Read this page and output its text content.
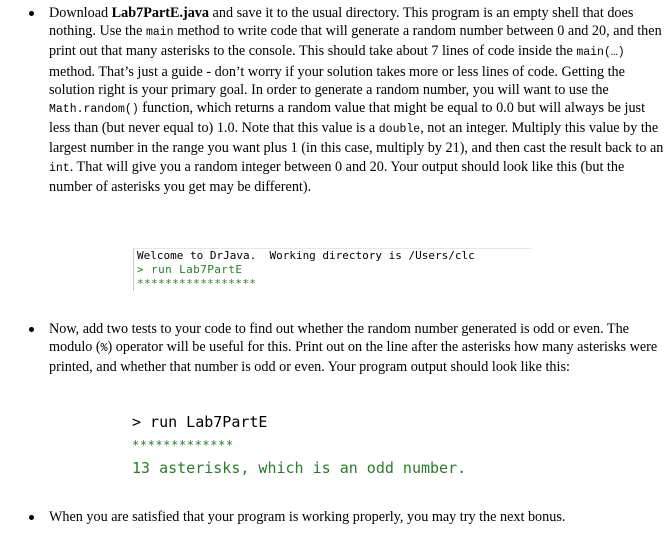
Download Lab7PartE.java and save it to the usual directory. This program is an empty shell that does nothing. Use the main method to write code that will generate a random number between 0 and 20, and then print out that many asterisks to the console. This should take about 7 lines of code inside the main(…) method. That’s just a guide - don’t worry if your solution takes more or less lines of code. Getting the solution right is your primary goal. In order to generate a random number, you will want to use the Math.random() function, which returns a random value that might be equal to 0.0 but will always be just less than (but never equal to) 1.0. Note that this value is a double, not an integer. Multiply this value by the largest number in the range you want plus 1 (in this case, multiply by 21), and then cast the result back to an int. That will give you a random integer between 0 and 20. Your output should look like this (but the number of asterisks you get may be different).
Welcome to DrJava.  Working directory is /Users/clc
> run Lab7PartE
*****************
Now, add two tests to your code to find out whether the random number generated is odd or even. The modulo (%) operator will be useful for this. Print out on the line after the asterisks how many asterisks were printed, and whether that number is odd or even. Your program output should look like this:
> run Lab7PartE
*************
13 asterisks, which is an odd number.
When you are satisfied that your program is working properly, you may try the next bonus.
